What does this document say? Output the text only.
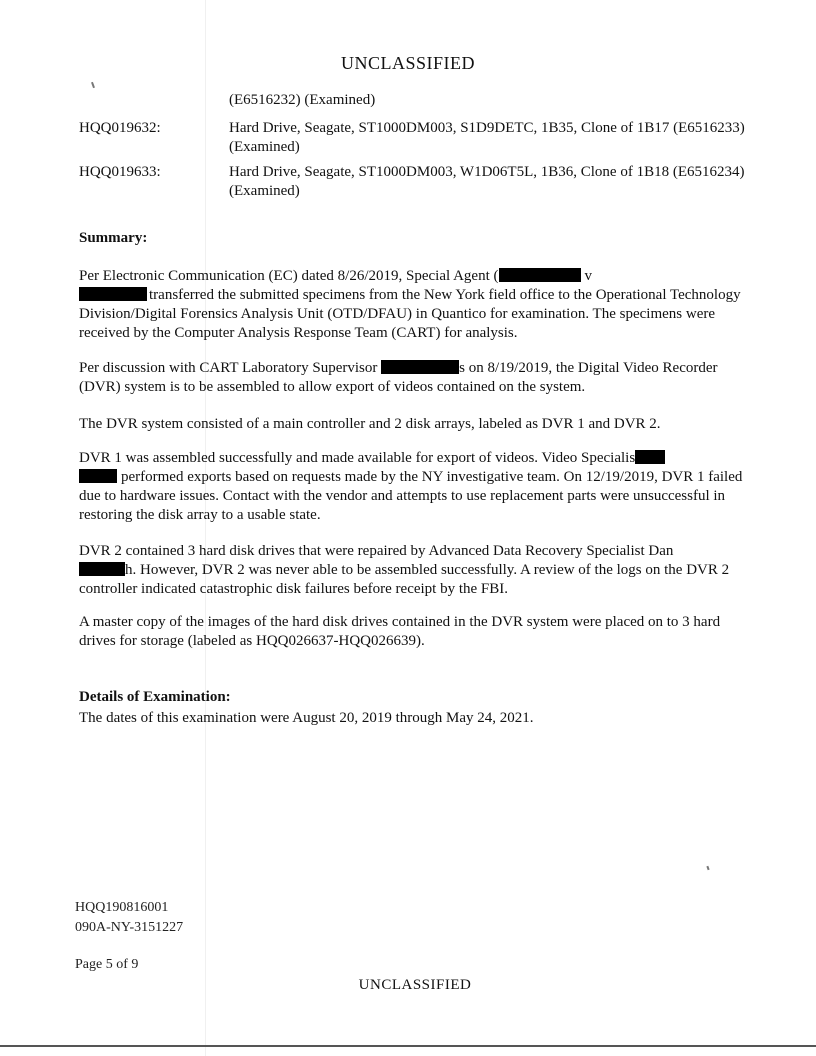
UNCLASSIFIED
(E6516232) (Examined)
HQQ019632:	Hard Drive, Seagate, ST1000DM003, S1D9DETC, 1B35, Clone of 1B17 (E6516233) (Examined)
HQQ019633:	Hard Drive, Seagate, ST1000DM003, W1D06T5L, 1B36, Clone of 1B18 (E6516234) (Examined)
Summary:

Per Electronic Communication (EC) dated 8/26/2019, Special Agent (	v
transferred the submitted specimens from the New York field office to the Operational Technology Division/Digital Forensics Analysis Unit (OTD/DFAU) in Quantico for examination. The specimens were received by the Computer Analysis Response Team (CART) for analysis.

Per discussion with CART Laboratory Supervisor	s on 8/19/2019, the Digital Video Recorder (DVR) system is to be assembled to allow export of videos contained on the system.

The DVR system consisted of a main controller and 2 disk arrays, labeled as DVR 1 and DVR 2.

DVR 1 was assembled successfully and made available for export of videos. Video Specialis
performed exports based on requests made by the NY investigative team. On 12/19/2019, DVR 1 failed due to hardware issues. Contact with the vendor and attempts to use replacement parts were unsuccessful in restoring the disk array to a usable state.

DVR 2 contained 3 hard disk drives that were repaired by Advanced Data Recovery Specialist Dan
h. However, DVR 2 was never able to be assembled successfully. A review of the logs on the DVR 2 controller indicated catastrophic disk failures before receipt by the FBI.

A master copy of the images of the hard disk drives contained in the DVR system were placed on to 3 hard drives for storage (labeled as HQQ026637-HQQ026639).

Details of Examination:

The dates of this examination were August 20, 2019 through May 24, 2021.

HQQ190816001
090A-NY-3151227
Page 5 of 9
UNCLASSIFIED
